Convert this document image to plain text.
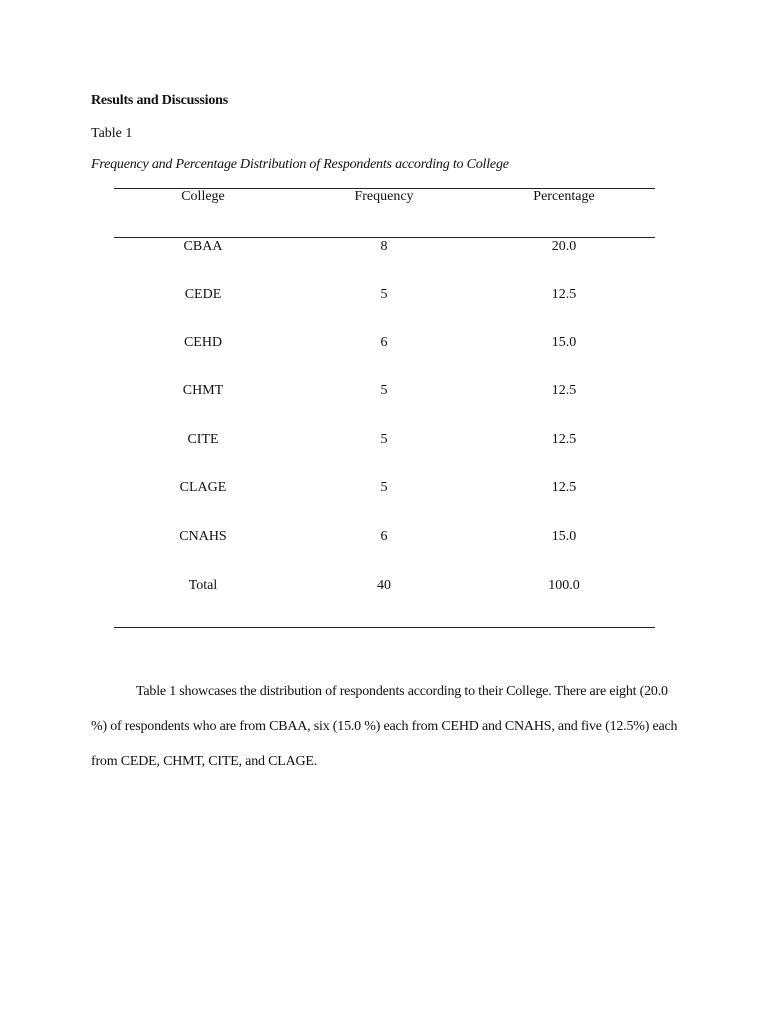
Results and Discussions
Table 1
Frequency and Percentage Distribution of Respondents according to College
College	Frequency	Percentage
CBAA	8	20.0
CEDE	5	12.5
CEHD	6	15.0
CHMT	5	12.5
CITE	5	12.5
CLAGE	5	12.5
CNAHS	6	15.0
Total	40	100.0
Table 1 showcases the distribution of respondents according to their College. There are eight (20.0 %) of respondents who are from CBAA, six (15.0 %) each from CEHD and CNAHS, and five (12.5%) each from CEDE, CHMT, CITE, and CLAGE.
